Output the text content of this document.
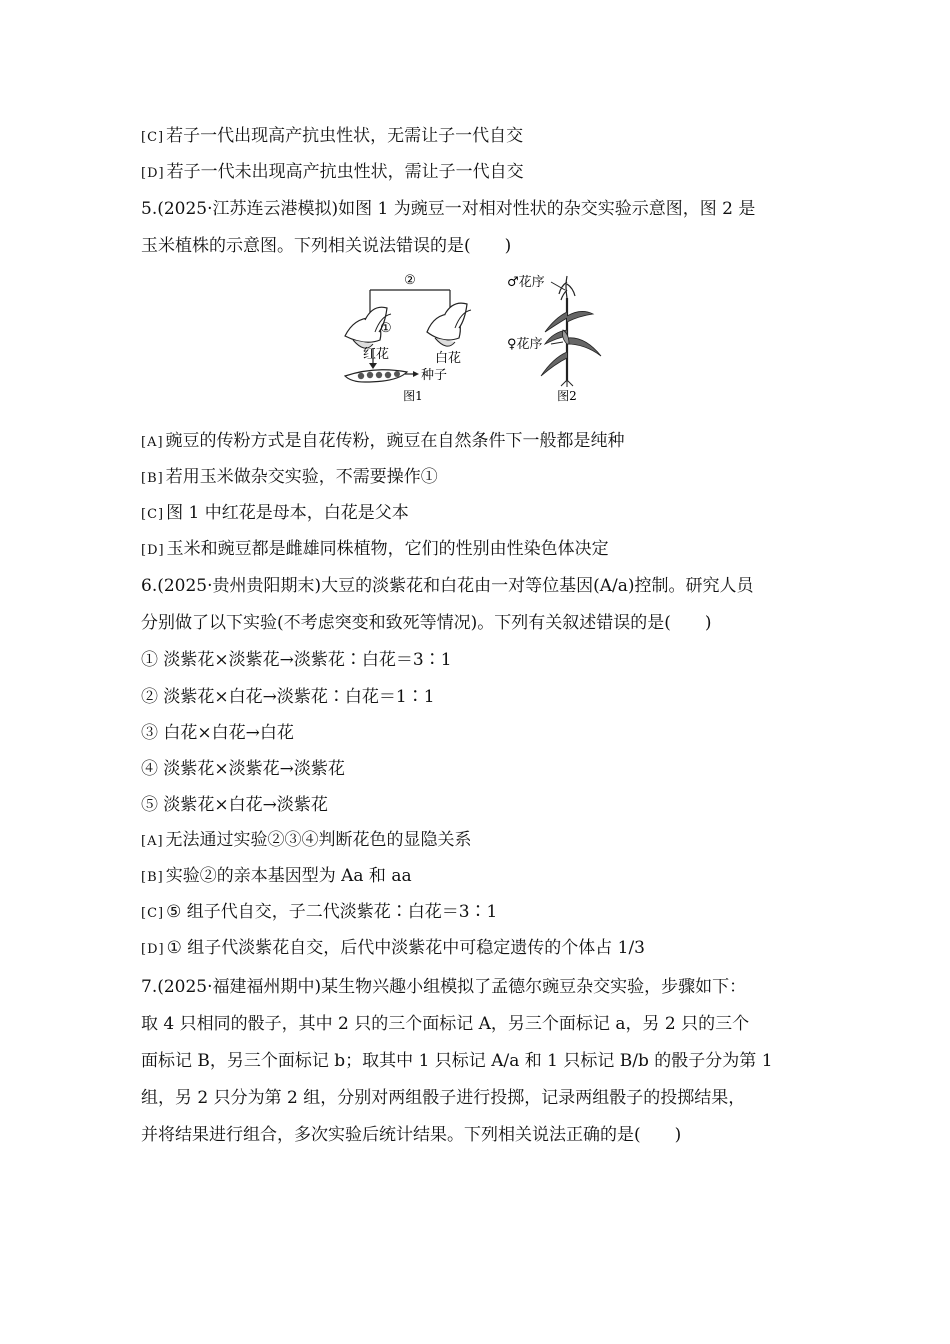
[C] 若子一代出现高产抗虫性状，无需让子一代自交
[D] 若子一代未出现高产抗虫性状，需让子一代自交
5.(2025·江苏连云港模拟)如图 1 为豌豆一对相对性状的杂交实验示意图，图 2 是
玉米植株的示意图。下列相关说法错误的是(　　)
②
①
红花	白花
种子
图1
♂花序
♀花序
图2
[A] 豌豆的传粉方式是自花传粉，豌豆在自然条件下一般都是纯种
[B] 若用玉米做杂交实验，不需要操作①
[C] 图 1 中红花是母本，白花是父本
[D] 玉米和豌豆都是雌雄同株植物，它们的性别由性染色体决定
6.(2025·贵州贵阳期末)大豆的淡紫花和白花由一对等位基因(A/a)控制。研究人员
分别做了以下实验(不考虑突变和致死等情况)。下列有关叙述错误的是(　　)
① 淡紫花×淡紫花→淡紫花∶白花＝3∶1
② 淡紫花×白花→淡紫花∶白花＝1∶1
③ 白花×白花→白花
④ 淡紫花×淡紫花→淡紫花
⑤ 淡紫花×白花→淡紫花
[A] 无法通过实验②③④判断花色的显隐关系
[B] 实验②的亲本基因型为 Aa 和 aa
[C] ⑤ 组子代自交，子二代淡紫花∶白花＝3∶1
[D] ① 组子代淡紫花自交，后代中淡紫花中可稳定遗传的个体占 1/3
7.(2025·福建福州期中)某生物兴趣小组模拟了孟德尔豌豆杂交实验，步骤如下：
取 4 只相同的骰子，其中 2 只的三个面标记 A，另三个面标记 a，另 2 只的三个
面标记 B，另三个面标记 b；取其中 1 只标记 A/a 和 1 只标记 B/b 的骰子分为第 1
组，另 2 只分为第 2 组，分别对两组骰子进行投掷，记录两组骰子的投掷结果，
并将结果进行组合，多次实验后统计结果。下列相关说法正确的是(　　)
